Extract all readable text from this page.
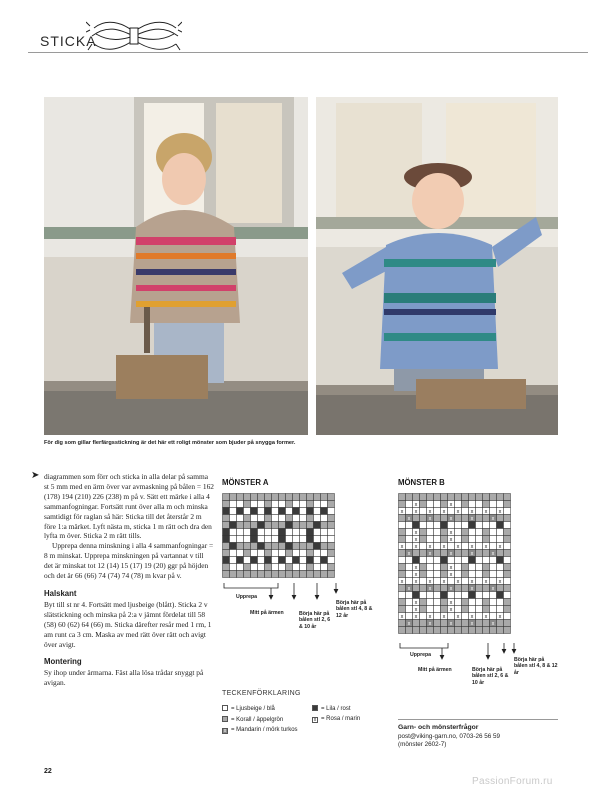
STICKA
För dig som gillar flerfärgsstickning är det här ett roligt mönster som bjuder på snygga former.
➤ diagrammen som förr och sticka in alla delar på samma st 5 mm med en ärm över var avmaskning på bålen = 162 (178) 194 (210) 226 (238) m på v. Sätt ett märke i alla 4 sammanfogningar. Fortsätt runt över alla m och minska samtidigt för raglan så här: Sticka till det återstår 2 m före 1:a märket. Lyft nästa m, sticka 1 m rätt och dra den lyfta m över. Sticka 2 m rätt tills.

Upprepa denna minskning i alla 4 sammanfogningar = 8 m minskat. Upprepa minskningen på vartannat v till det är minskat tot 12 (14) 15 (17) 19 (20) ggr på höjden och det är 66 (66) 74 (74) 74 (78) m kvar på v.

Halskant

Byt till st nr 4. Fortsätt med ljusbeige (blått). Sticka 2 v slätstickning och minska på 2:a v jämnt fördelat till 58 (58) 60 (62) 64 (66) m. Sticka därefter resår med 1 rm, 1 am runt ca 3 cm. Maska av med rätt över rätt och avigt över avigt.

Montering

Sy ihop under ärmarna. Fäst alla lösa trådar snyggt på avigan.

MÖNSTER A
Upprepa
Mitt på ärmen	Börja här på bålen stl 2, 6 & 10 år
Börja här på bålen stl 4, 8 & 12 år
MÖNSTER B
x	x
x x x x x x x x
x	x	x	x	x
x	x
x	x
x x x x x x x x
x	x	x	x	x
x	x
x	x
x x x x x x x x
x	x	x	x	x
x	x
x	x
x x x x x x x x
x	x	x	x	x
Upprepa
Mitt på ärmen	Börja här på bålen stl 2, 6 & 10 år
Börja här på bålen stl 4, 8 & 12 år
TECKENFÖRKLARING
= Ljusbeige / blå
= Korall / äppelgrön
x = Mandarin / mörk turkos
= Lila / rost
x = Rosa / marin
Garn- och mönsterfrågor
post@viking-garn.no, 0703-26 56 59
(mönster 2602-7)
22
PassionForum.ru
